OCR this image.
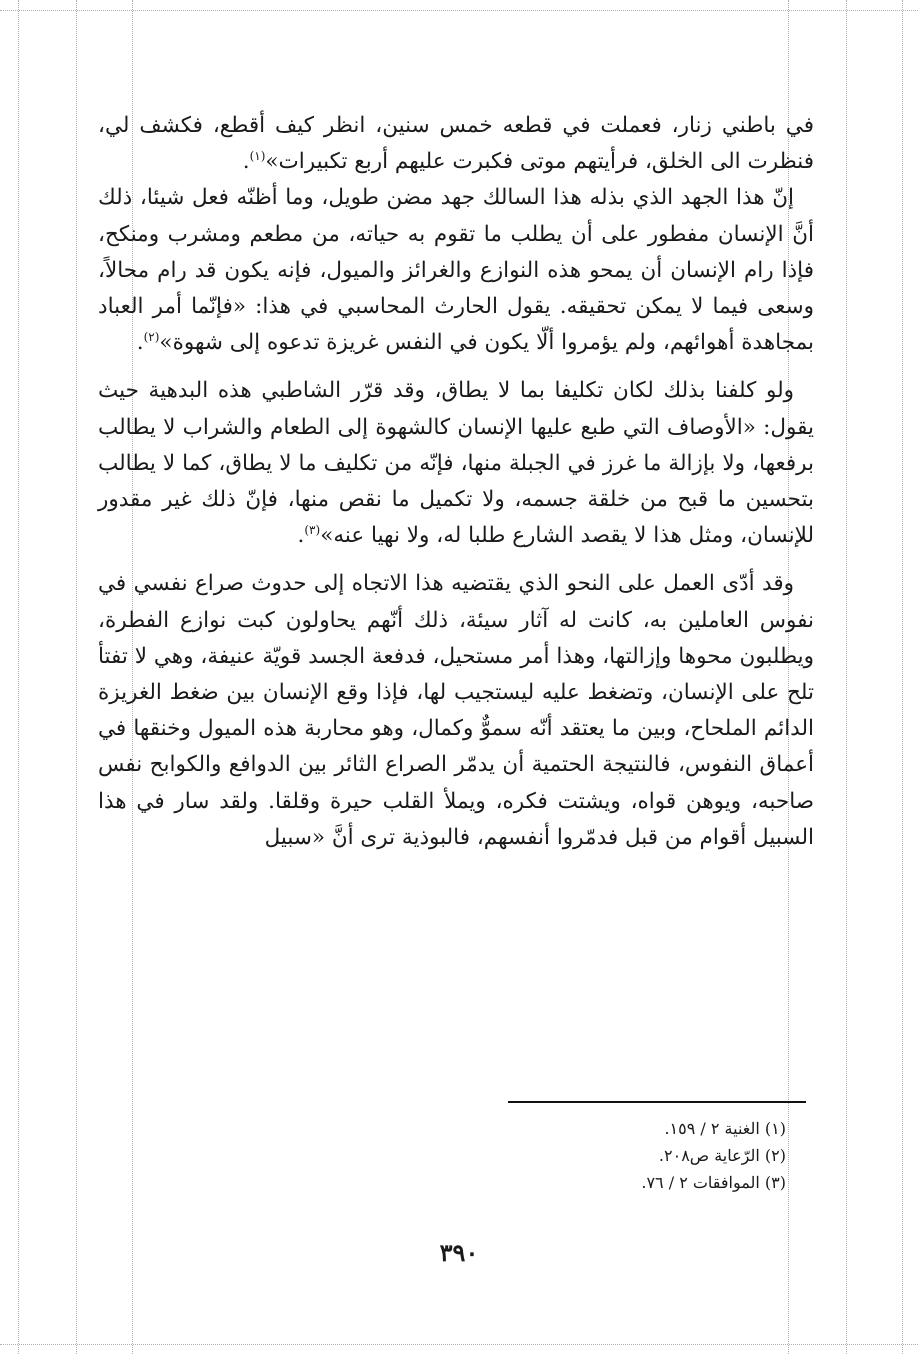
في باطني زنار، فعملت في قطعه خمس سنين، انظر كيف أقطع، فكشف لي، فنظرت الى الخلق، فرأيتهم موتى فكبرت عليهم أربع تكبيرات»$^{(١)}$.

إنّ هذا الجهد الذي بذله هذا السالك جهد مضن طويل، وما أظنّه فعل شيئا، ذلك أنَّ الإنسان مفطور على أن يطلب ما تقوم به حياته، من مطعم ومشرب ومنكح، فإذا رام الإنسان أن يمحو هذه النوازع والغرائز والميول، فإنه يكون قد رام محالاً، وسعى فيما لا يمكن تحقيقه. يقول الحارث المحاسبي في هذا: «فإنّما أمر العباد بمجاهدة أهوائهم، ولم يؤمروا ألّا يكون في النفس غريزة تدعوه إلى شهوة»$^{(٢)}$.

ولو كلفنا بذلك لكان تكليفا بما لا يطاق، وقد قرّر الشاطبي هذه البدهية حيث يقول: «الأوصاف التي طبع عليها الإنسان كالشهوة إلى الطعام والشراب لا يطالب برفعها، ولا بإزالة ما غرز في الجبلة منها، فإنّه من تكليف ما لا يطاق، كما لا يطالب بتحسين ما قبح من خلقة جسمه، ولا تكميل ما نقص منها، فإنّ ذلك غير مقدور للإنسان، ومثل هذا لا يقصد الشارع طلبا له، ولا نهيا عنه»$^{(٣)}$.

وقد أدّى العمل على النحو الذي يقتضيه هذا الاتجاه إلى حدوث صراع نفسي في نفوس العاملين به، كانت له آثار سيئة، ذلك أنّهم يحاولون كبت نوازع الفطرة، ويطلبون محوها وإزالتها، وهذا أمر مستحيل، فدفعة الجسد قويّة عنيفة، وهي لا تفتأ تلح على الإنسان، وتضغط عليه ليستجيب لها، فإذا وقع الإنسان بين ضغط الغريزة الدائم الملحاح، وبين ما يعتقد أنّه سموٌّ وكمال، وهو محاربة هذه الميول وخنقها في أعماق النفوس، فالنتيجة الحتمية أن يدمّر الصراع الثائر بين الدوافع والكوابح نفس صاحبه، ويوهن قواه، ويشتت فكره، ويملأ القلب حيرة وقلقا. ولقد سار في هذا السبيل أقوام من قبل فدمّروا أنفسهم، فالبوذية ترى أنَّ «سبيل

(١) الغنية ٢ / ١٥٩.

(٢) الرّعاية ص٢٠٨.

(٣) الموافقات ٢ / ٧٦.

٣٩٠
